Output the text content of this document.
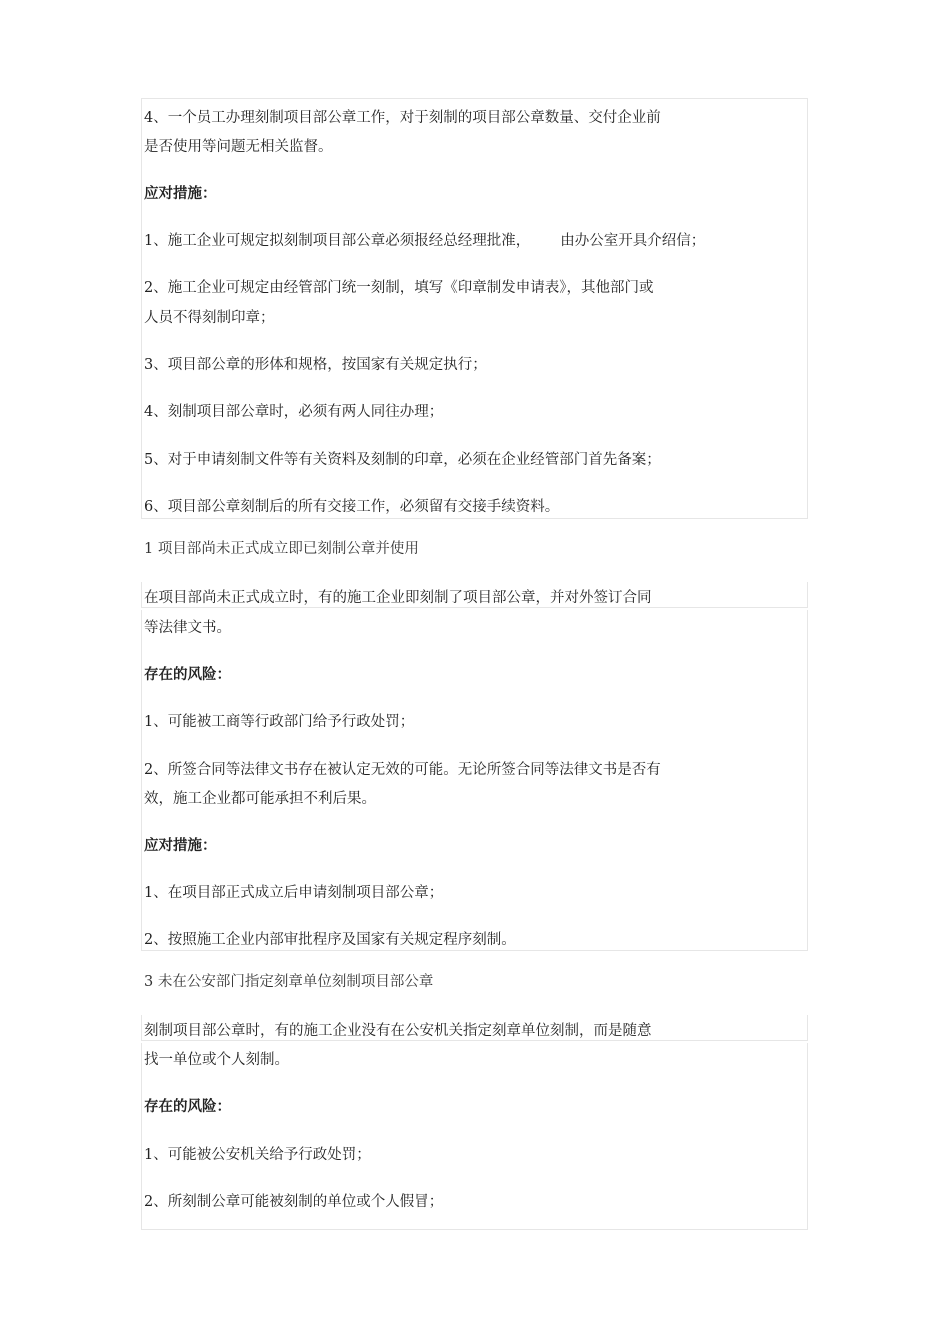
4、一个员工办理刻制项目部公章工作，对于刻制的项目部公章数量、交付企业前

是否使用等问题无相关监督。

应对措施：

1、施工企业可规定拟刻制项目部公章必须报经总经理批准， 由办公室开具介绍信；

2、施工企业可规定由经管部门统一刻制，填写《印章制发申请表》，其他部门或

人员不得刻制印章；

3、项目部公章的形体和规格，按国家有关规定执行；

4、刻制项目部公章时，必须有两人同往办理；

5、对于申请刻制文件等有关资料及刻制的印章，必须在企业经管部门首先备案；

6、项目部公章刻制后的所有交接工作，必须留有交接手续资料。

1 项目部尚未正式成立即已刻制公章并使用

在项目部尚未正式成立时，有的施工企业即刻制了项目部公章，并对外签订合同

等法律文书。

存在的风险：

1、可能被工商等行政部门给予行政处罚；

2、所签合同等法律文书存在被认定无效的可能。无论所签合同等法律文书是否有

效，施工企业都可能承担不利后果。

应对措施：

1、在项目部正式成立后申请刻制项目部公章；

2、按照施工企业内部审批程序及国家有关规定程序刻制。

3 未在公安部门指定刻章单位刻制项目部公章

刻制项目部公章时，有的施工企业没有在公安机关指定刻章单位刻制，而是随意

找一单位或个人刻制。

存在的风险：

1、可能被公安机关给予行政处罚；

2、所刻制公章可能被刻制的单位或个人假冒；
